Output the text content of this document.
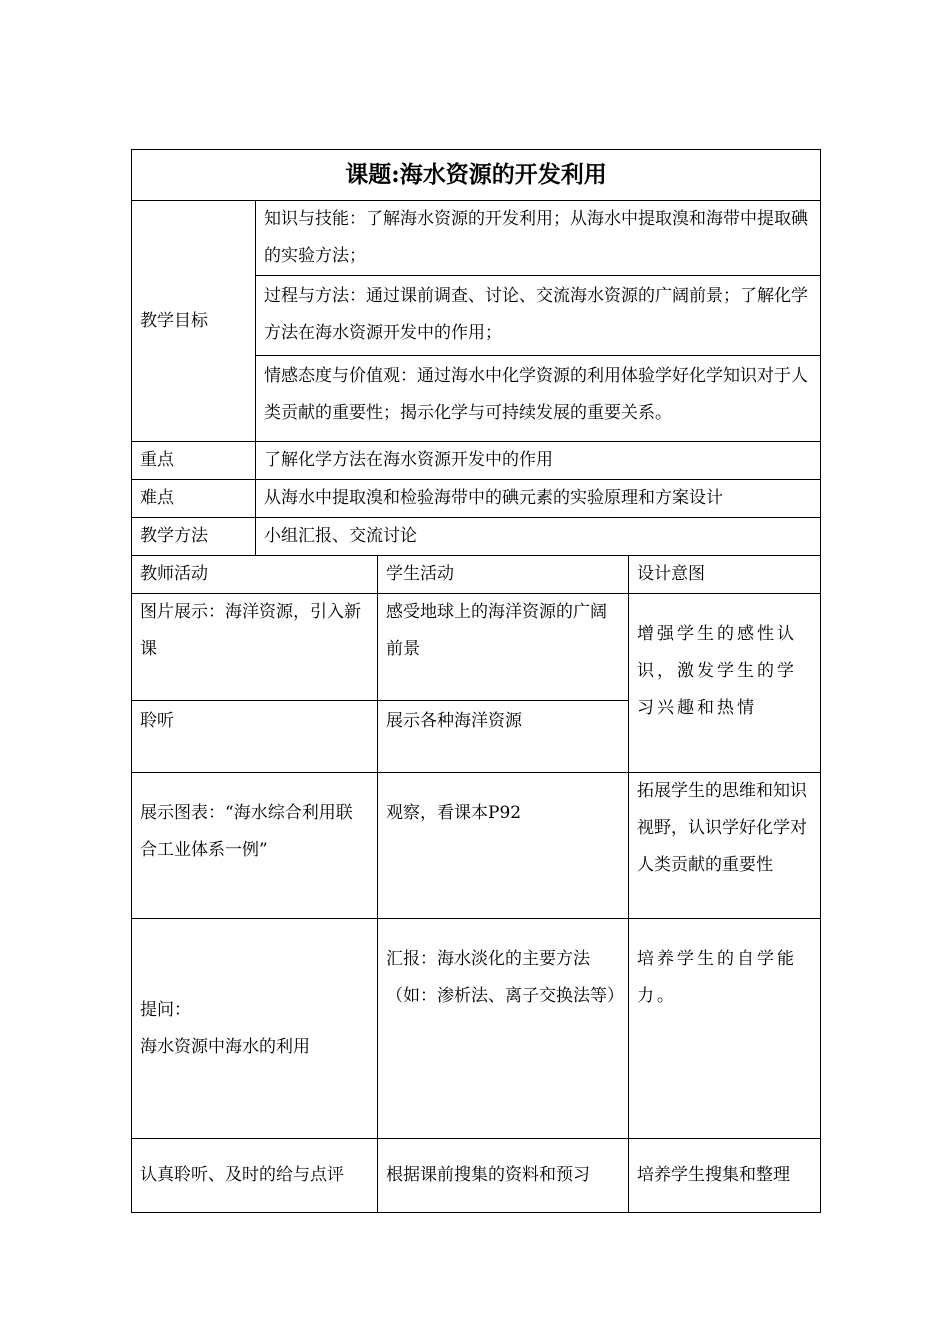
课题:海水资源的开发利用			
教学目标	知识与技能：了解海水资源的开发利用；从海水中提取溴和海带中提取碘的实验方法；		
	过程与方法：通过课前调查、讨论、交流海水资源的广阔前景；了解化学方法在海水资源开发中的作用；		
	情感态度与价值观：通过海水中化学资源的利用体验学好化学知识对于人类贡献的重要性；揭示化学与可持续发展的重要关系。		
重点	了解化学方法在海水资源开发中的作用		
难点	从海水中提取溴和检验海带中的碘元素的实验原理和方案设计		
教学方法	小组汇报、交流讨论		
教师活动		学生活动	设计意图
图片展示：海洋资源，引入新课		感受地球上的海洋资源的广阔前景	增强学生的感性认识，激发学生的学习兴趣和热情
聆听		展示各种海洋资源	
展示图表：“海水综合利用联合工业体系一例”		观察，看课本P92	拓展学生的思维和知识视野，认识学好化学对人类贡献的重要性

提问：
海水资源中海水的利用		汇报：海水淡化的主要方法（如：渗析法、离子交换法等）	培养学生的自学能力。
认真聆听、及时的给与点评		根据课前搜集的资料和预习	培养学生搜集和整理
